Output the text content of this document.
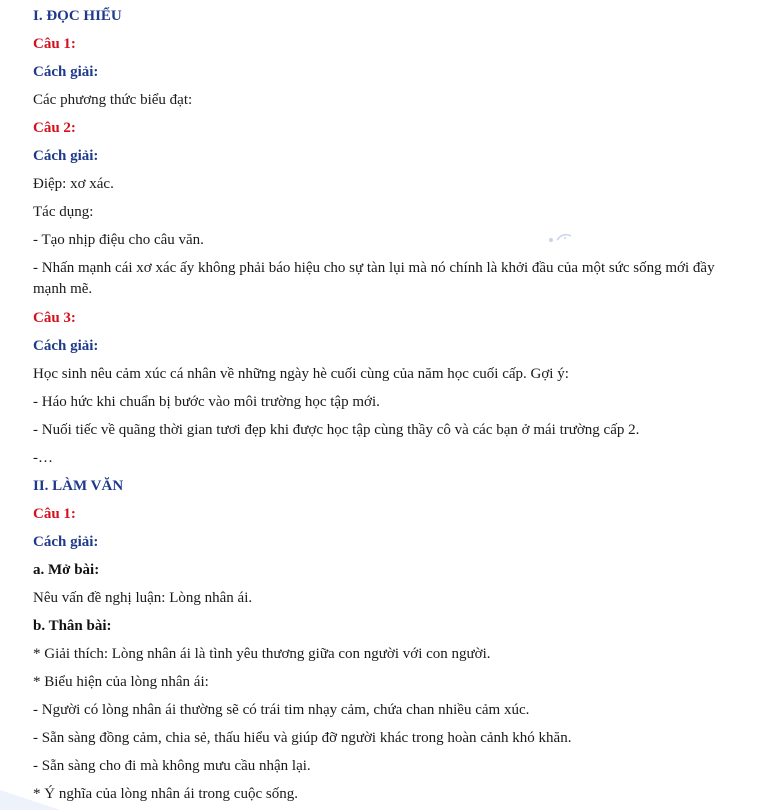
I. ĐỌC HIỂU
Câu 1:
Cách giải:
Các phương thức biểu đạt:
Câu 2:
Cách giải:
Điệp: xơ xác.
Tác dụng:
- Tạo nhịp điệu cho câu văn.
- Nhấn mạnh cái xơ xác ấy không phải báo hiệu cho sự tàn lụi mà nó chính là khởi đầu của một sức sống mới đầy mạnh mẽ.
Câu 3:
Cách giải:
Học sinh nêu cảm xúc cá nhân về những ngày hè cuối cùng của năm học cuối cấp. Gợi ý:
- Háo hức khi chuẩn bị bước vào môi trường học tập mới.
- Nuối tiếc về quãng thời gian tươi đẹp khi được học tập cùng thầy cô và các bạn ở mái trường cấp 2.
-…
II. LÀM VĂN
Câu 1:
Cách giải:
a. Mở bài:
Nêu vấn đề nghị luận: Lòng nhân ái.
b. Thân bài:
* Giải thích: Lòng nhân ái là tình yêu thương giữa con người với con người.
* Biểu hiện của lòng nhân ái:
- Người có lòng nhân ái thường sẽ có trái tim nhạy cảm, chứa chan nhiều cảm xúc.
- Sẵn sàng đồng cảm, chia sẻ, thấu hiểu và giúp đỡ người khác trong hoàn cảnh khó khăn.
- Sẵn sàng cho đi mà không mưu cầu nhận lại.
* Ý nghĩa của lòng nhân ái trong cuộc sống.
